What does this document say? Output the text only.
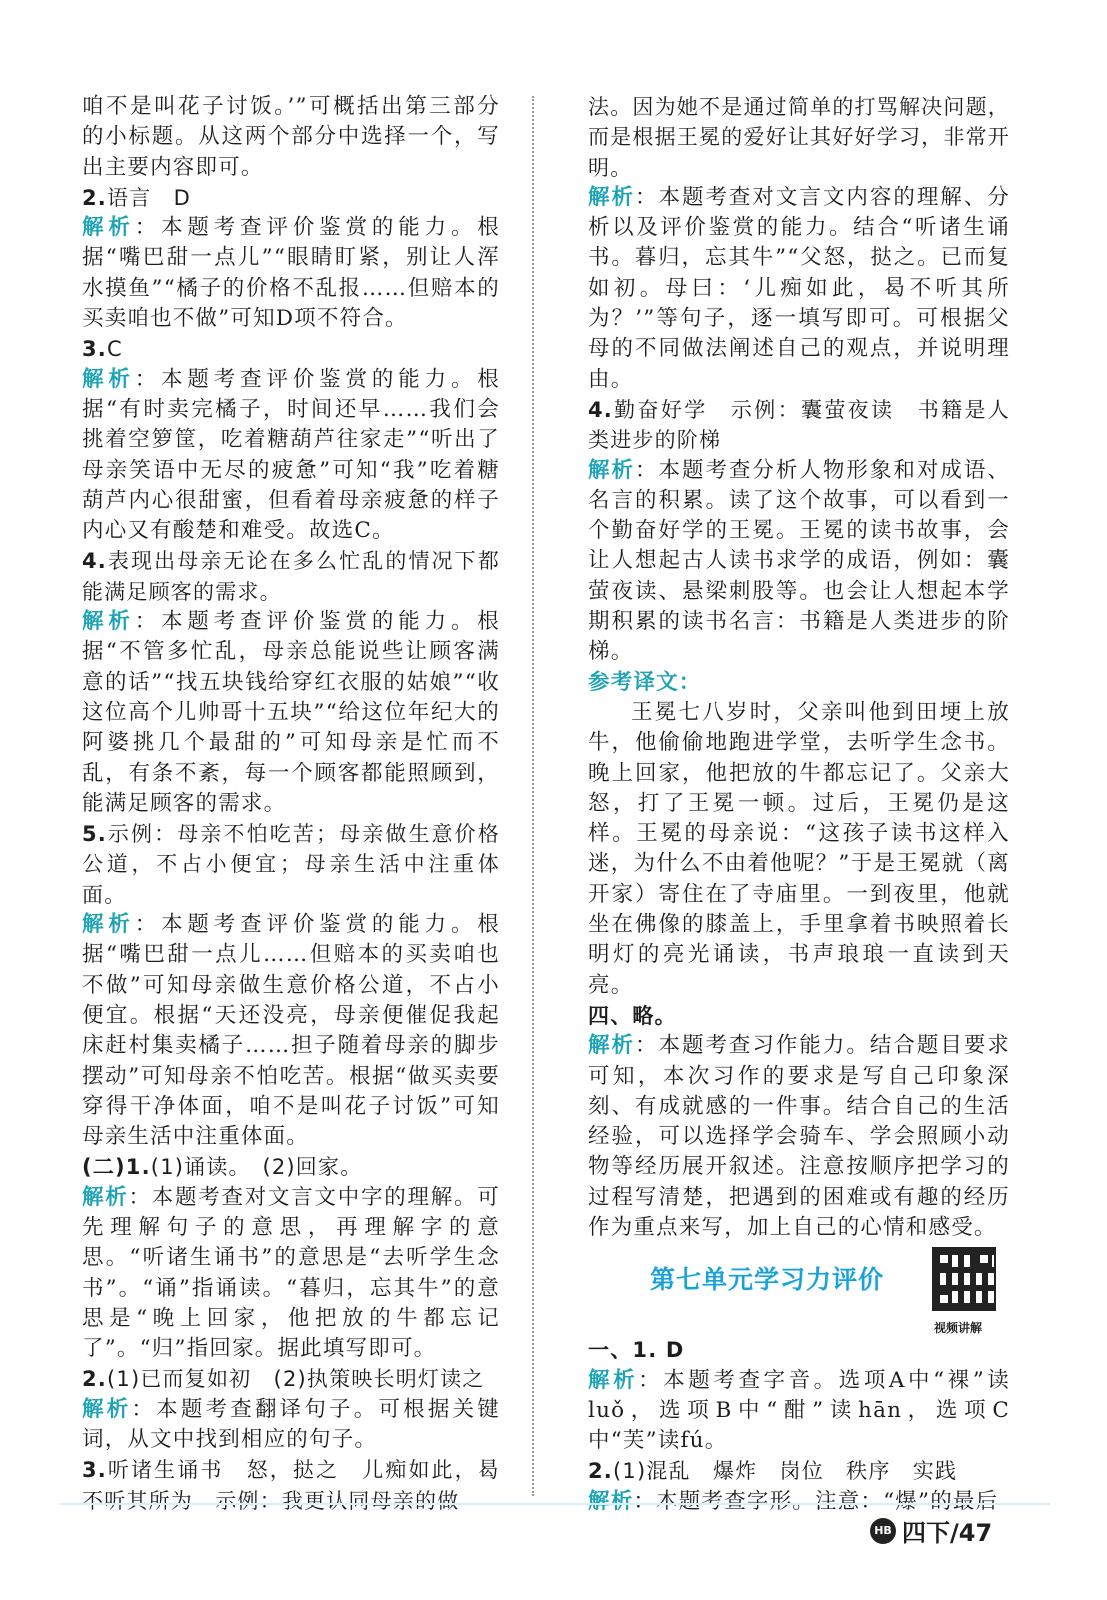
咱不是叫花子讨饭。’”可概括出第三部分的小标题。从这两个部分中选择一个，写出主要内容即可。

2.语言　D

解析：本题考查评价鉴赏的能力。根据“嘴巴甜一点儿”“眼睛盯紧，别让人浑水摸鱼”“橘子的价格不乱报……但赔本的买卖咱也不做”可知D项不符合。

3.C

解析：本题考查评价鉴赏的能力。根据“有时卖完橘子，时间还早……我们会挑着空箩筐，吃着糖葫芦往家走”“听出了母亲笑语中无尽的疲惫”可知“我”吃着糖葫芦内心很甜蜜，但看着母亲疲惫的样子内心又有酸楚和难受。故选C。

4.表现出母亲无论在多么忙乱的情况下都能满足顾客的需求。

解析：本题考查评价鉴赏的能力。根据“不管多忙乱，母亲总能说些让顾客满意的话”“找五块钱给穿红衣服的姑娘”“收这位高个儿帅哥十五块”“给这位年纪大的阿婆挑几个最甜的”可知母亲是忙而不乱，有条不紊，每一个顾客都能照顾到，能满足顾客的需求。

5.示例：母亲不怕吃苦；母亲做生意价格公道，不占小便宜；母亲生活中注重体面。

解析：本题考查评价鉴赏的能力。根据“嘴巴甜一点儿……但赔本的买卖咱也不做”可知母亲做生意价格公道，不占小便宜。根据“天还没亮，母亲便催促我起床赶村集卖橘子……担子随着母亲的脚步摆动”可知母亲不怕吃苦。根据“做买卖要穿得干净体面，咱不是叫花子讨饭”可知母亲生活中注重体面。

(二)1.(1)诵读。　(2)回家。

解析：本题考查对文言文中字的理解。可先理解句子的意思，再理解字的意思。“听诸生诵书”的意思是“去听学生念书”。“诵”指诵读。“暮归，忘其牛”的意思是“晚上回家，他把放的牛都忘记了”。“归”指回家。据此填写即可。

2.(1)已而复如初　(2)执策映长明灯读之

解析：本题考查翻译句子。可根据关键词，从文中找到相应的句子。

3.听诸生诵书　怒，挞之　儿痴如此，曷不听其所为　示例：我更认同母亲的做

法。因为她不是通过简单的打骂解决问题，而是根据王冕的爱好让其好好学习，非常开明。

解析：本题考查对文言文内容的理解、分析以及评价鉴赏的能力。结合“听诸生诵书。暮归，忘其牛”“父怒，挞之。已而复如初。母曰：‘儿痴如此，曷不听其所为？’”等句子，逐一填写即可。可根据父母的不同做法阐述自己的观点，并说明理由。

4.勤奋好学　示例：囊萤夜读　书籍是人类进步的阶梯

解析：本题考查分析人物形象和对成语、名言的积累。读了这个故事，可以看到一个勤奋好学的王冕。王冕的读书故事，会让人想起古人读书求学的成语，例如：囊萤夜读、悬梁刺股等。也会让人想起本学期积累的读书名言：书籍是人类进步的阶梯。

参考译文：

王冕七八岁时，父亲叫他到田埂上放牛，他偷偷地跑进学堂，去听学生念书。晚上回家，他把放的牛都忘记了。父亲大怒，打了王冕一顿。过后，王冕仍是这样。王冕的母亲说：“这孩子读书这样入迷，为什么不由着他呢？”于是王冕就（离开家）寄住在了寺庙里。一到夜里，他就坐在佛像的膝盖上，手里拿着书映照着长明灯的亮光诵读，书声琅琅一直读到天亮。

四、略。

解析：本题考查习作能力。结合题目要求可知，本次习作的要求是写自己印象深刻、有成就感的一件事。结合自己的生活经验，可以选择学会骑车、学会照顾小动物等经历展开叙述。注意按顺序把学习的过程写清楚，把遇到的困难或有趣的经历作为重点来写，加上自己的心情和感受。

第七单元学习力评价
视频讲解

一、1. D

解析：本题考查字音。选项A中“裸”读luǒ，选项B中“酣”读hān，选项C中“芙”读fú。

2.(1)混乱　爆炸　岗位　秩序　实践

解析：本题考查字形。注意：“爆”的最后

HB 四下/47
